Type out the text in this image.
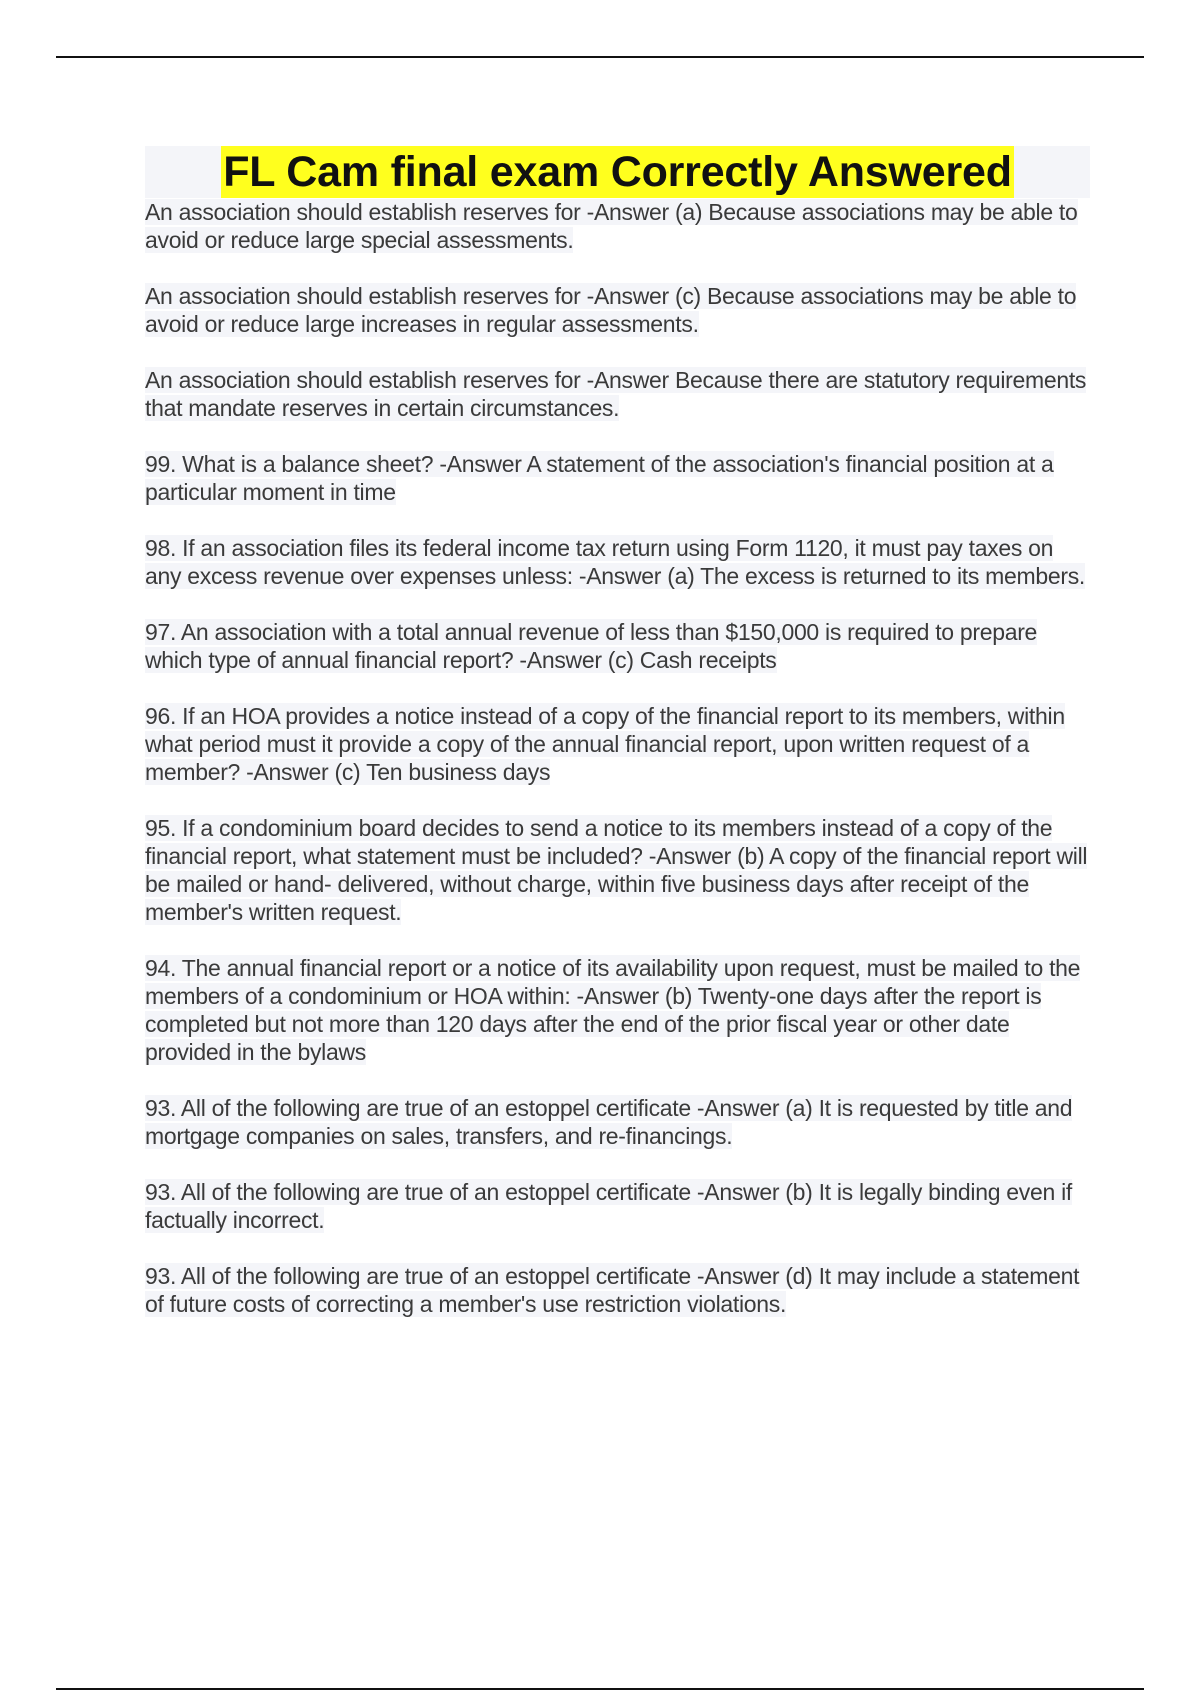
FL Cam final exam Correctly Answered

An association should establish reserves for -Answer (a) Because associations may be able to avoid or reduce large special assessments.

An association should establish reserves for -Answer (c) Because associations may be able to avoid or reduce large increases in regular assessments.

An association should establish reserves for -Answer Because there are statutory requirements that mandate reserves in certain circumstances.

99. What is a balance sheet? -Answer A statement of the association's financial position at a particular moment in time

98. If an association files its federal income tax return using Form 1120, it must pay taxes on any excess revenue over expenses unless: -Answer (a) The excess is returned to its members.

97. An association with a total annual revenue of less than $150,000 is required to prepare which type of annual financial report? -Answer (c) Cash receipts

96. If an HOA provides a notice instead of a copy of the financial report to its members, within what period must it provide a copy of the annual financial report, upon written request of a member? -Answer (c) Ten business days

95. If a condominium board decides to send a notice to its members instead of a copy of the financial report, what statement must be included? -Answer (b) A copy of the financial report will be mailed or hand- delivered, without charge, within five business days after receipt of the member's written request.

94. The annual financial report or a notice of its availability upon request, must be mailed to the members of a condominium or HOA within: -Answer (b) Twenty-one days after the report is completed but not more than 120 days after the end of the prior fiscal year or other date provided in the bylaws

93. All of the following are true of an estoppel certificate -Answer (a) It is requested by title and mortgage companies on sales, transfers, and re-financings.

93. All of the following are true of an estoppel certificate -Answer (b) It is legally binding even if factually incorrect.

93. All of the following are true of an estoppel certificate -Answer (d) It may include a statement of future costs of correcting a member's use restriction violations.
